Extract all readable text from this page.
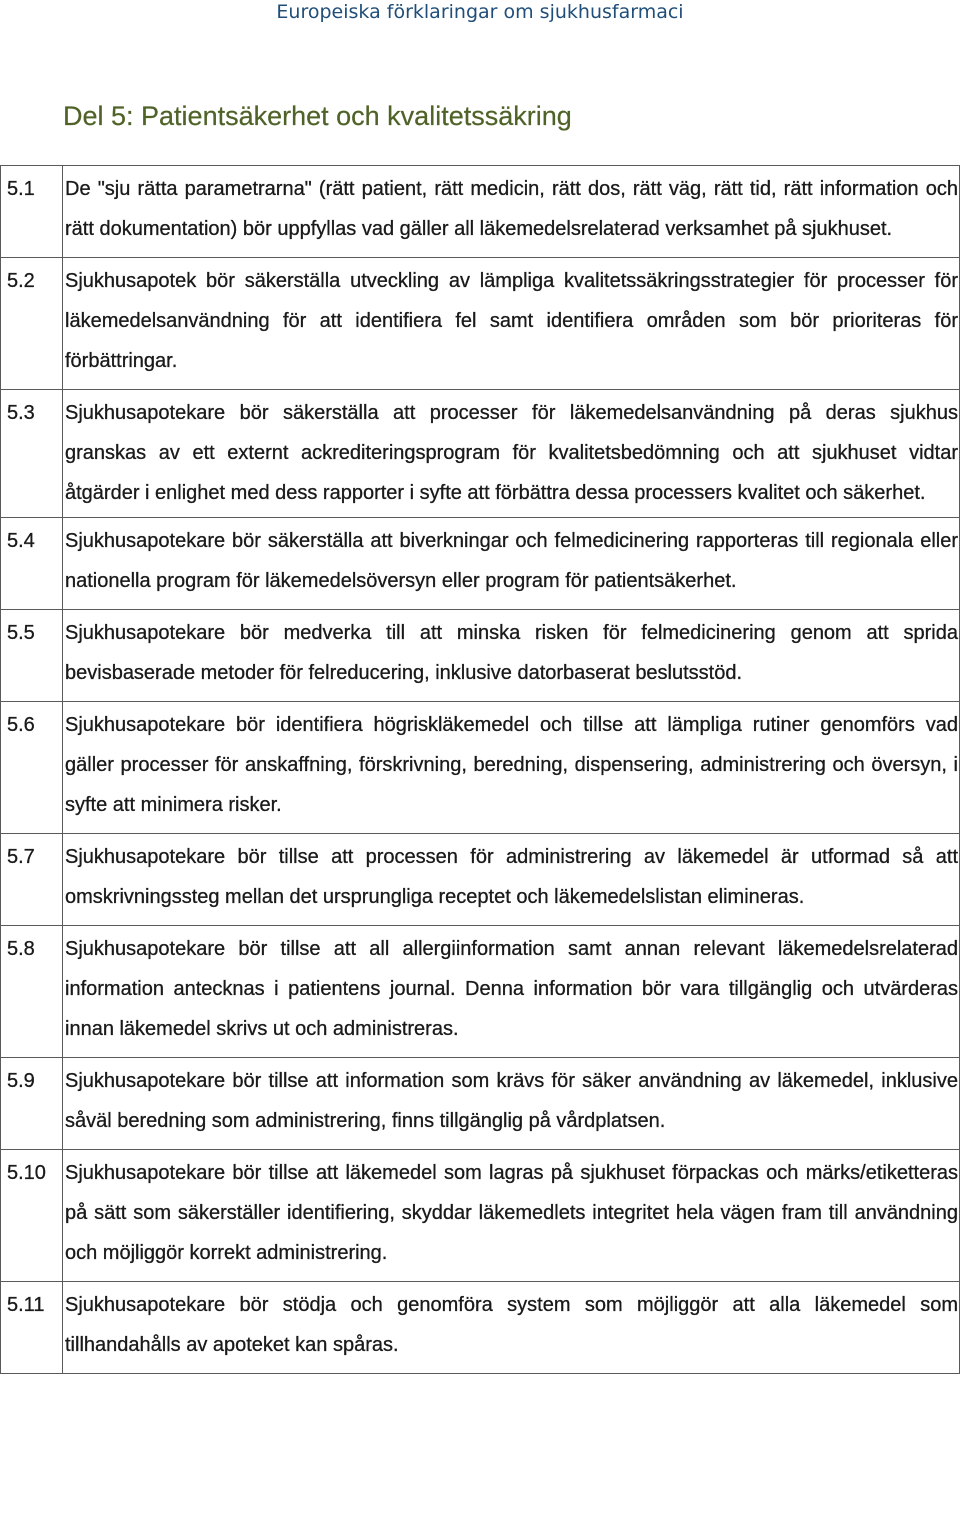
Europeiska förklaringar om sjukhusfarmaci
Del 5: Patientsäkerhet och kvalitetssäkring
5.1	De "sju rätta parametrarna" (rätt patient, rätt medicin, rätt dos, rätt väg, rätt tid, rätt information och rätt dokumentation) bör uppfyllas vad gäller all läkemedelsrelaterad verksamhet på sjukhuset.
5.2	Sjukhusapotek bör säkerställa utveckling av lämpliga kvalitetssäkringsstrategier för processer för läkemedelsanvändning för att identifiera fel samt identifiera områden som bör prioriteras för förbättringar.
5.3	Sjukhusapotekare bör säkerställa att processer för läkemedelsanvändning på deras sjukhus granskas av ett externt ackrediteringsprogram för kvalitetsbedömning och att sjukhuset vidtar åtgärder i enlighet med dess rapporter i syfte att förbättra dessa processers kvalitet och säkerhet.
5.4	Sjukhusapotekare bör säkerställa att biverkningar och felmedicinering rapporteras till regionala eller nationella program för läkemedelsöversyn eller program för patientsäkerhet.
5.5	Sjukhusapotekare bör medverka till att minska risken för felmedicinering genom att sprida bevisbaserade metoder för felreducering, inklusive datorbaserat beslutsstöd.
5.6	Sjukhusapotekare bör identifiera högriskläkemedel och tillse att lämpliga rutiner genomförs vad gäller processer för anskaffning, förskrivning, beredning, dispensering, administrering och översyn, i syfte att minimera risker.
5.7	Sjukhusapotekare bör tillse att processen för administrering av läkemedel är utformad så att omskrivningssteg mellan det ursprungliga receptet och läkemedelslistan elimineras.
5.8	Sjukhusapotekare bör tillse att all allergiinformation samt annan relevant läkemedelsrelaterad information antecknas i patientens journal. Denna information bör vara tillgänglig och utvärderas innan läkemedel skrivs ut och administreras.
5.9	Sjukhusapotekare bör tillse att information som krävs för säker användning av läkemedel, inklusive såväl beredning som administrering, finns tillgänglig på vårdplatsen.
5.10	Sjukhusapotekare bör tillse att läkemedel som lagras på sjukhuset förpackas och märks/etiketteras på sätt som säkerställer identifiering, skyddar läkemedlets integritet hela vägen fram till användning och möjliggör korrekt administrering.
5.11	Sjukhusapotekare bör stödja och genomföra system som möjliggör att alla läkemedel som tillhandahålls av apoteket kan spåras.
